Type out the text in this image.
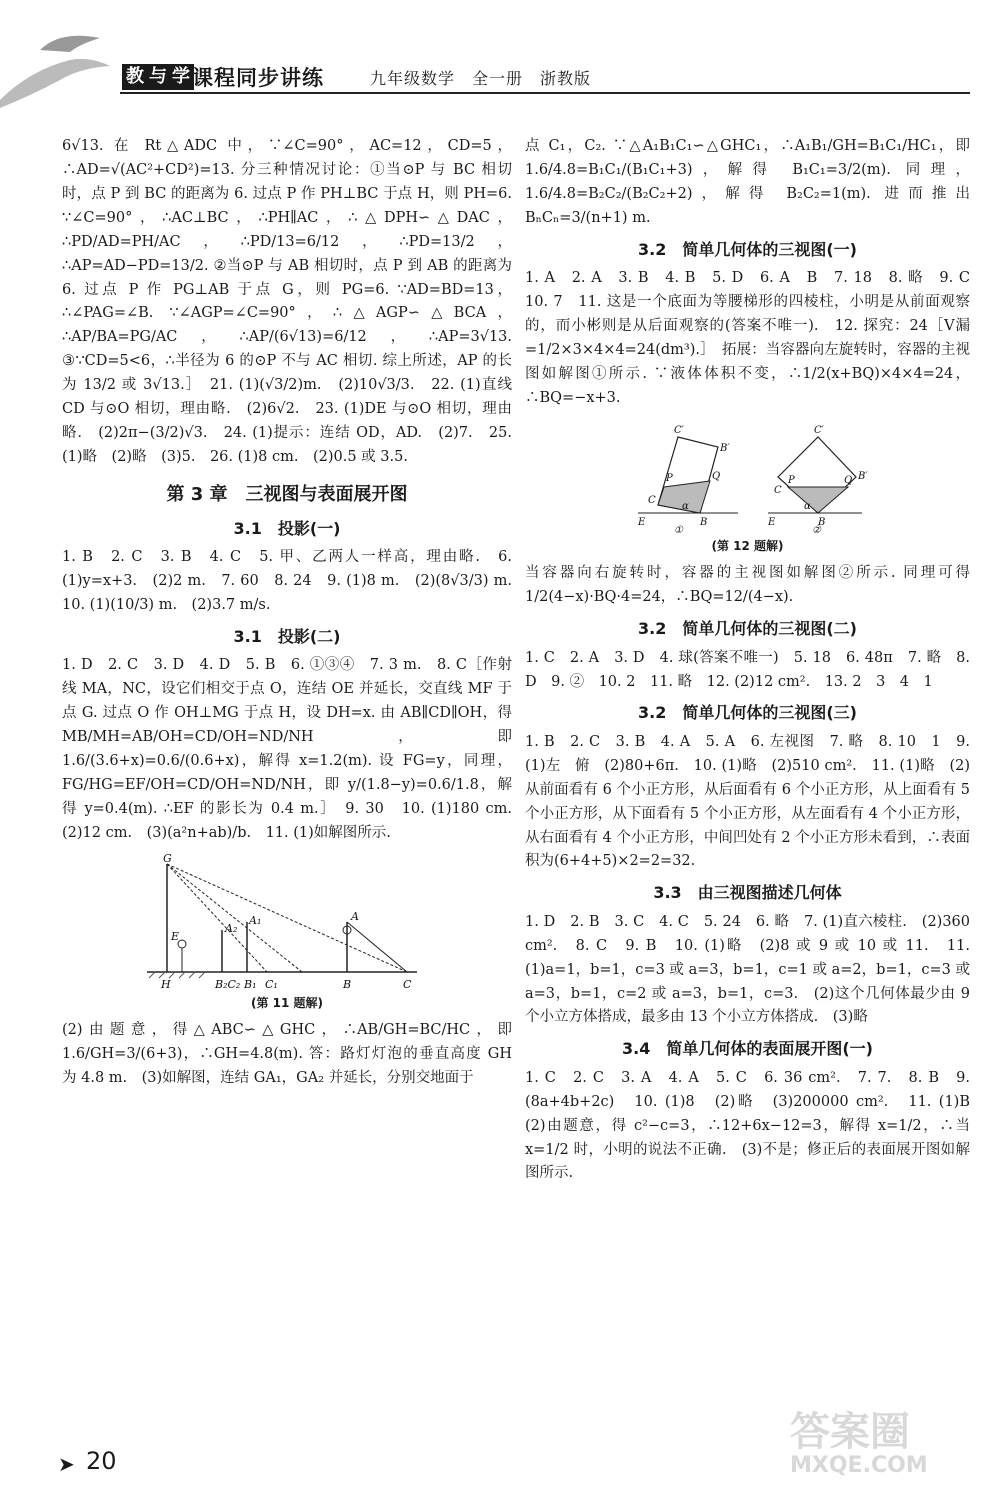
教 与 学 课程同步讲练	九年级数学　全一册　浙教版

6√13. 在 Rt△ADC 中，∵∠C=90°，AC=12，CD=5，∴AD=√(AC²+CD²)=13. 分三种情况讨论：①当⊙P 与 BC 相切时，点 P 到 BC 的距离为 6. 过点 P 作 PH⊥BC 于点 H，则 PH=6. ∵∠C=90°，∴AC⊥BC，∴PH∥AC，∴△DPH∽△DAC，∴PD/AD=PH/AC，∴PD/13=6/12，∴PD=13/2，∴AP=AD−PD=13/2. ②当⊙P 与 AB 相切时，点 P 到 AB 的距离为 6. 过点 P 作 PG⊥AB 于点 G，则 PG=6. ∵AD=BD=13，∴∠PAG=∠B. ∵∠AGP=∠C=90°，∴△AGP∽△BCA，∴AP/BA=PG/AC，∴AP/(6√13)=6/12，∴AP=3√13. ③∵CD=5<6，∴半径为 6 的⊙P 不与 AC 相切. 综上所述，AP 的长为 13/2 或 3√13.］　21. (1)(√3/2)m.　(2)10√3/3.　22. (1)直线 CD 与⊙O 相切，理由略.　(2)6√2.　23. (1)DE 与⊙O 相切，理由略.　(2)2π−(3/2)√3.　24. (1)提示：连结 OD，AD.　(2)7.　25. (1)略　(2)略　(3)5.　26. (1)8 cm.　(2)0.5 或 3.5.

第 3 章　三视图与表面展开图
3.1　投影(一)

1. B　2. C　3. B　4. C　5. 甲、乙两人一样高，理由略.　6. (1)y=x+3.　(2)2 m.　7. 60　8. 24　9. (1)8 m.　(2)(8√3/3) m.　10. (1)(10/3) m.　(2)3.7 m/s.

3.1　投影(二)

1. D　2. C　3. D　4. D　5. B　6. ①③④　7. 3 m.　8. C［作射线 MA，NC，设它们相交于点 O，连结 OE 并延长，交直线 MF 于点 G. 过点 O 作 OH⊥MG 于点 H，设 DH=x. 由 AB∥CD∥OH，得 MB/MH=AB/OH=CD/OH=ND/NH，即 1.6/(3.6+x)=0.6/(0.6+x)，解得 x=1.2(m). 设 FG=y，同理，FG/HG=EF/OH=CD/OH=ND/NH，即 y/(1.8−y)=0.6/1.8，解得 y=0.4(m). ∴EF 的影长为 0.4 m.］　9. 30　10. (1)180 cm.　(2)12 cm.　(3)(a²n+ab)/b.　11. (1)如解图所示.

G
E
A₂
A₁	A
H	B₂C₂ B₁ C₁	B	C
(第 11 题解)

(2)由题意，得△ABC∽△GHC，∴AB/GH=BC/HC，即 1.6/GH=3/(6+3)，∴GH=4.8(m). 答：路灯灯泡的垂直高度 GH 为 4.8 m.　(3)如解图，连结 GA₁，GA₂ 并延长，分别交地面于

点 C₁，C₂. ∵△A₁B₁C₁∽△GHC₁，∴A₁B₁/GH=B₁C₁/HC₁，即 1.6/4.8=B₁C₁/(B₁C₁+3)，解得 B₁C₁=3/2(m). 同理，1.6/4.8=B₂C₂/(B₂C₂+2)，解得 B₂C₂=1(m). 进而推出 BₙCₙ=3/(n+1) m.

3.2　简单几何体的三视图(一)

1. A　2. A　3. B　4. B　5. D　6. A　B　7. 18　8. 略　9. C　10. 7　11. 这是一个底面为等腰梯形的四棱柱，小明是从前面观察的，而小彬则是从后面观察的(答案不唯一).　12. 探究：24［V漏=1/2×3×4×4=24(dm³).］　拓展：当容器向左旋转时，容器的主视图如解图①所示. ∵液体体积不变，∴1/2(x+BQ)×4×4=24，∴BQ=−x+3.

C′
B′
P	Q
C
α
E	B
①
C′
B′
P	Q
C
α
E	B
②
(第 12 题解)

当容器向右旋转时，容器的主视图如解图②所示. 同理可得 1/2(4−x)·BQ·4=24，∴BQ=12/(4−x).

3.2　简单几何体的三视图(二)

1. C　2. A　3. D　4. 球(答案不唯一)　5. 18　6. 48π　7. 略　8. D　9. ②　10. 2　11. 略　12. (2)12 cm².　13. 2　3　4　1

3.2　简单几何体的三视图(三)

1. B　2. C　3. B　4. A　5. A　6. 左视图　7. 略　8. 10　1　9. (1)左　俯　(2)80+6π.　10. (1)略　(2)510 cm².　11. (1)略　(2)从前面看有 6 个小正方形，从后面看有 6 个小正方形，从上面看有 5 个小正方形，从下面看有 5 个小正方形，从左面看有 4 个小正方形，从右面看有 4 个小正方形，中间凹处有 2 个小正方形未看到，∴表面积为(6+4+5)×2=2=32.

3.3　由三视图描述几何体

1. D　2. B　3. C　4. C　5. 24　6. 略　7. (1)直六棱柱.　(2)360 cm².　8. C　9. B　10. (1)略　(2)8 或 9 或 10 或 11.　11. (1)a=1，b=1，c=3 或 a=3，b=1，c=1 或 a=2，b=1，c=3 或 a=3，b=1，c=2 或 a=3，b=1，c=3.　(2)这个几何体最少由 9 个小立方体搭成，最多由 13 个小立方体搭成.　(3)略

3.4　简单几何体的表面展开图(一)

1. C　2. C　3. A　4. A　5. C　6. 36 cm².　7. 7.　8. B　9. (8a+4b+2c)　10. (1)8　(2)略　(3)200000 cm².　11. (1)B　(2)由题意，得 c²−c=3，∴12+6x−12=3，解得 x=1/2，∴当 x=1/2 时，小明的说法不正确.　(3)不是；修正后的表面展开图如解图所示.

➤ 20
答案圈
MXQE.COM
